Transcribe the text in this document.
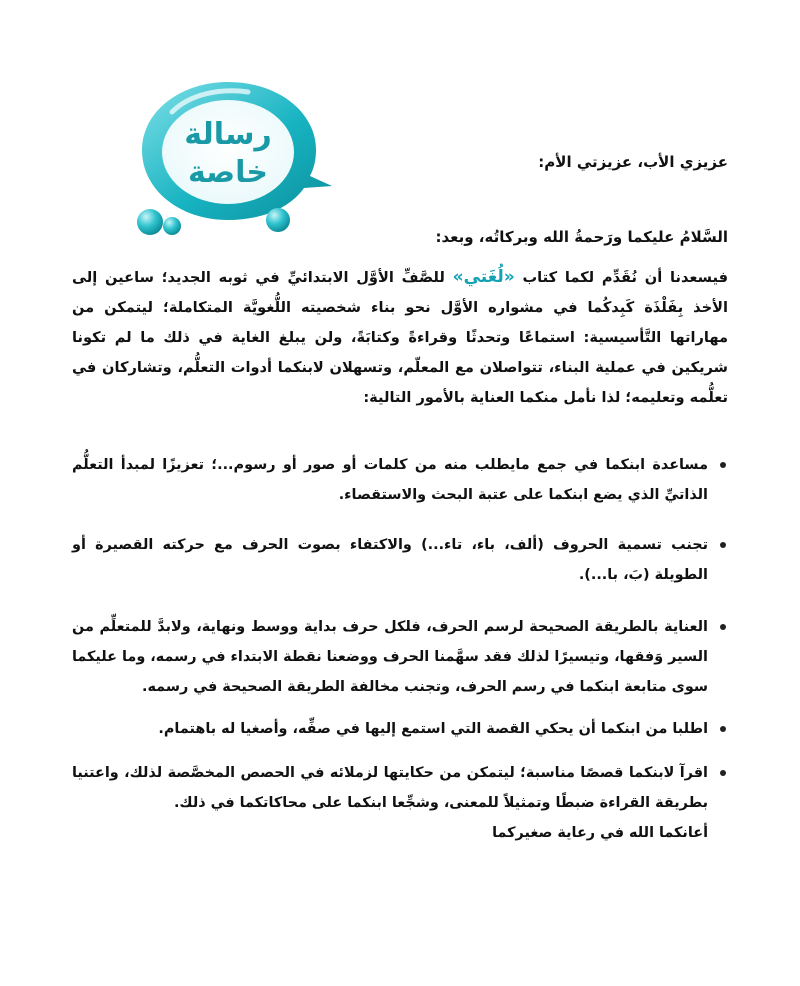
رسالة
خاصة	عزيزي الأب، عزيزتي الأم:

السَّلامُ عليكما ورَحمةُ الله وبركاتُه، وبعد:

فيسعدنا أن نُقَدِّم لكما كتاب «لُغَتي» للصَّفِّ الأوَّل الابتدائيِّ في ثوبه الجديد؛ ساعين إلى الأخذ بِفَلْذَة كَبِدكُما في مشواره الأوَّل نحو بناء شخصيته اللُّغويَّة المتكاملة؛ ليتمكن من مهاراتها التَّأسيسية: استماعًا وتحدثًا وقراءةً وكتابَةً، ولن يبلغ الغاية في ذلك ما لم تكونا شريكين في عملية البناء، تتواصلان مع المعلّم، وتسهلان لابنكما أدوات التعلُّم، وتشاركان في تعلُّمه وتعليمه؛ لذا نأمل منكما العناية بالأمور التالية:

مساعدة ابنكما في جمع مايطلب منه من كلمات أو صور أو رسوم...؛ تعزيزًا لمبدأ التعلُّم الذاتيِّ الذي يضع ابنكما على عتبة البحث والاستقصاء.
تجنب تسمية الحروف (ألف، باء، تاء...) والاكتفاء بصوت الحرف مع حركته القصيرة أو الطويلة (بَ، با...).
العناية بالطريقة الصحيحة لرسم الحرف، فلكل حرف بداية ووسط ونهاية، ولابدَّ للمتعلِّم من السير وَفقها، وتيسيرًا لذلك فقد سهَّمنا الحرف ووضعنا نقطة الابتداء في رسمه، وما عليكما سوى متابعة ابنكما في رسم الحرف، وتجنب مخالفة الطريقة الصحيحة في رسمه.
اطلبا من ابنكما أن يحكي القصة التي استمع إليها في صفِّه، وأصغيا له باهتمام.
اقرآ لابنكما قصصًا مناسبة؛ ليتمكن من حكايتها لزملائه في الحصص المخصَّصة لذلك، واعتنيا بطريقة القراءة ضبطًا وتمثيلاً للمعنى، وشجِّعا ابنكما على محاكاتكما في ذلك.
أعانكما الله في رعاية صغيركما
